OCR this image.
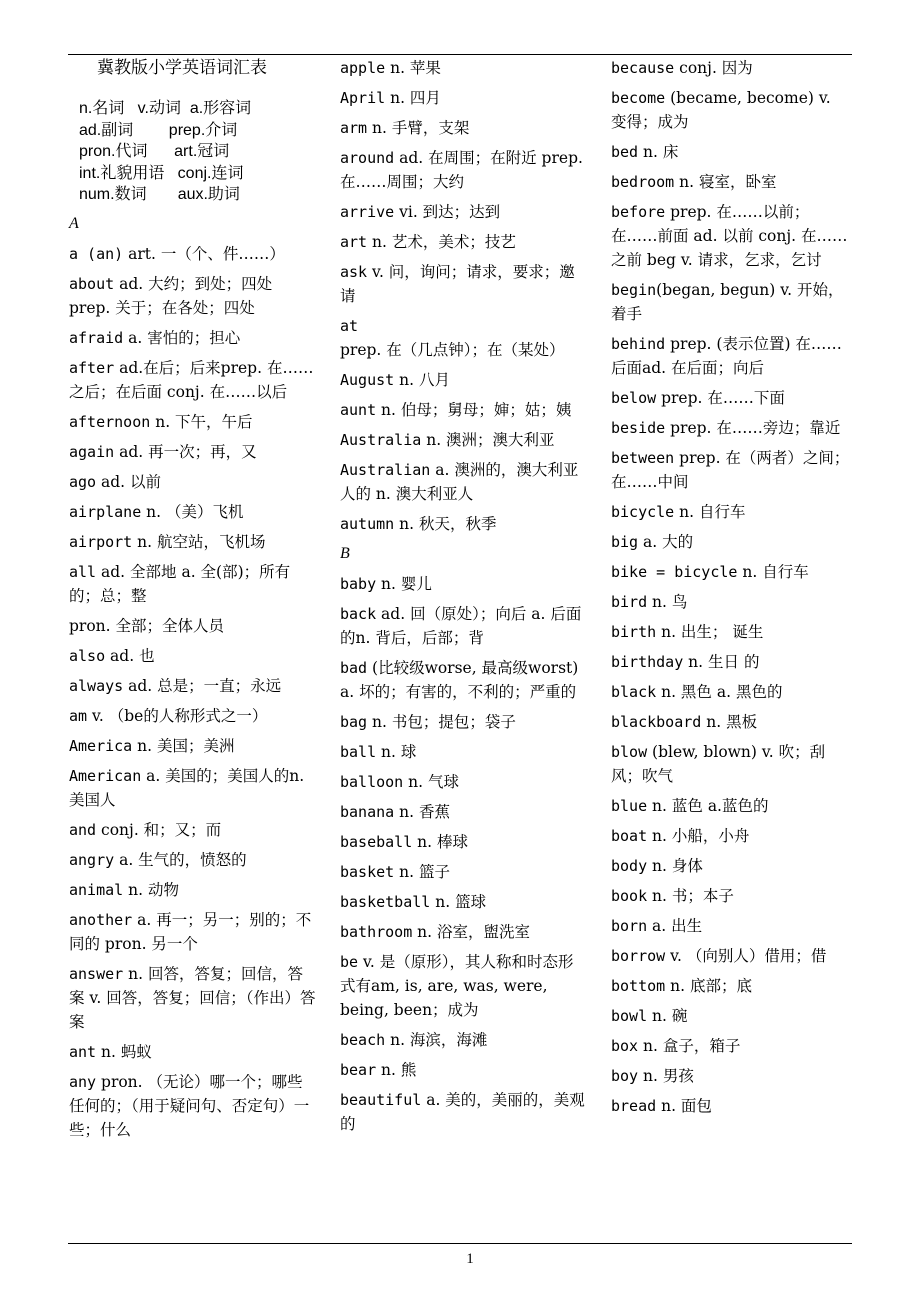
冀教版小学英语词汇表
n.名词   v.动词  a.形容词
ad.副词        prep.介词
pron.代词      art.冠词
int.礼貌用语   conj.连词
num.数词       aux.助词
A
a (an) art. 一（个、件……）
about ad. 大约；到处；四处 prep. 关于；在各处；四处
afraid a. 害怕的；担心
after ad.在后；后来prep. 在……之后；在后面 conj. 在……以后
afternoon n. 下午，午后
again ad. 再一次；再，又
ago ad. 以前
airplane n. （美）飞机
airport n. 航空站，飞机场
all ad. 全部地 a. 全(部)；所有的；总；整
pron. 全部；全体人员
also ad. 也
always ad. 总是；一直；永远
am v. （be的人称形式之一）
America n. 美国；美洲
American a. 美国的；美国人的n. 美国人
and conj. 和；又；而
angry a. 生气的，愤怒的
animal n. 动物
another a. 再一；另一；别的；不同的 pron. 另一个
answer n. 回答，答复；回信，答案 v. 回答，答复；回信；（作出）答案
ant n. 蚂蚁
any pron. （无论）哪一个；哪些 任何的；（用于疑问句、否定句）一些；什么
apple n. 苹果
April n. 四月
arm n. 手臂，支架
around ad. 在周围；在附近 prep. 在……周围；大约
arrive vi. 到达；达到
art n. 艺术，美术；技艺
ask v. 问，询问；请求，要求；邀请
at prep. 在（几点钟）；在（某处）
August n. 八月
aunt n. 伯母；舅母；婶；姑；姨
Australia n. 澳洲；澳大利亚
Australian a. 澳洲的，澳大利亚人的 n. 澳大利亚人
autumn n. 秋天，秋季
B
baby n. 婴儿
back ad. 回（原处）；向后 a. 后面的n. 背后，后部；背
bad (比较级worse, 最高级worst) a. 坏的；有害的，不利的；严重的
bag n. 书包；提包；袋子
ball n. 球
balloon n. 气球
banana n. 香蕉
baseball n. 棒球
basket n. 篮子
basketball n. 篮球
bathroom n. 浴室，盥洗室
be v. 是（原形），其人称和时态形式有am, is, are, was, were, being, been；成为
beach n. 海滨，海滩
bear n. 熊
beautiful a. 美的，美丽的，美观的
because conj. 因为
become (became, become) v. 变得；成为
bed n. 床
bedroom n. 寝室，卧室
before prep. 在……以前；在……前面 ad. 以前 conj. 在……之前 beg v. 请求，乞求，乞讨
begin(began, begun) v. 开始，着手
behind prep. (表示位置) 在……后面ad. 在后面；向后
below prep. 在……下面
beside prep. 在……旁边；靠近
between prep. 在（两者）之间；在……中间
bicycle n. 自行车
big a. 大的
bike = bicycle n. 自行车
bird n. 鸟
birth n. 出生； 诞生
birthday n. 生日 的
black n. 黑色 a. 黑色的
blackboard n. 黑板
blow (blew, blown) v. 吹；刮风；吹气
blue n. 蓝色 a.蓝色的
boat n. 小船，小舟
body n. 身体
book n. 书；本子
born a. 出生
borrow v. （向别人）借用；借
bottom n. 底部；底
bowl n. 碗
box n. 盒子，箱子
boy n. 男孩
bread n. 面包
1
